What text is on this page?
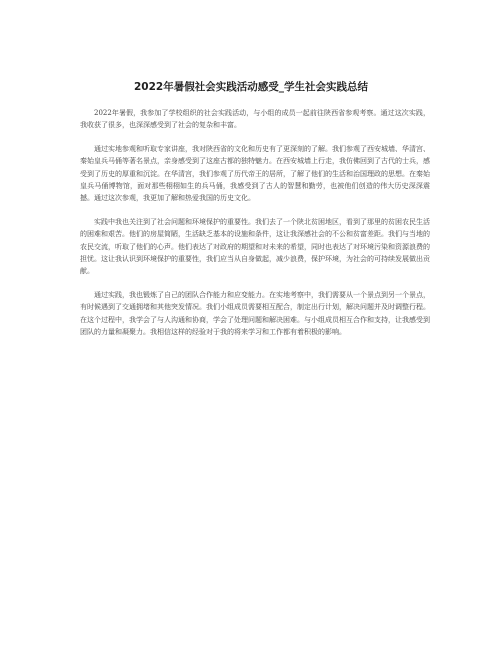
2022年暑假社会实践活动感受_学生社会实践总结

2022年暑假，我参加了学校组织的社会实践活动，与小组的成员一起前往陕西省参观考察。通过这次实践，我收获了很多，也深深感受到了社会的复杂和丰富。

通过实地参观和听取专家讲座，我对陕西省的文化和历史有了更深刻的了解。我们参观了西安城墙、华清宫、秦始皇兵马俑等著名景点，亲身感受到了这座古都的独特魅力。在西安城墙上行走，我仿佛回到了古代的士兵，感受到了历史的厚重和沉淀。在华清宫，我们参观了历代帝王的居所，了解了他们的生活和治国理政的思想。在秦始皇兵马俑博物馆，面对那些栩栩如生的兵马俑，我感受到了古人的智慧和勤劳，也被他们创造的伟大历史深深震撼。通过这次参观，我更加了解和热爱我国的历史文化。

实践中我也关注到了社会问题和环境保护的重要性。我们去了一个陕北贫困地区，看到了那里的贫困农民生活的困难和艰苦。他们的房屋简陋，生活缺乏基本的设施和条件，这让我深感社会的不公和贫富差距。我们与当地的农民交流，听取了他们的心声。他们表达了对政府的期望和对未来的希望，同时也表达了对环境污染和资源浪费的担忧。这让我认识到环境保护的重要性，我们应当从自身做起，减少浪费，保护环境，为社会的可持续发展做出贡献。

通过实践，我也锻炼了自己的团队合作能力和应变能力。在实地考察中，我们需要从一个景点到另一个景点，有时候遇到了交通拥堵和其他突发情况。我们小组成员需要相互配合，制定出行计划，解决问题并及时调整行程。在这个过程中，我学会了与人沟通和协商，学会了处理问题和解决困难。与小组成员相互合作和支持，让我感受到团队的力量和凝聚力。我相信这样的经验对于我的将来学习和工作都有着积极的影响。
